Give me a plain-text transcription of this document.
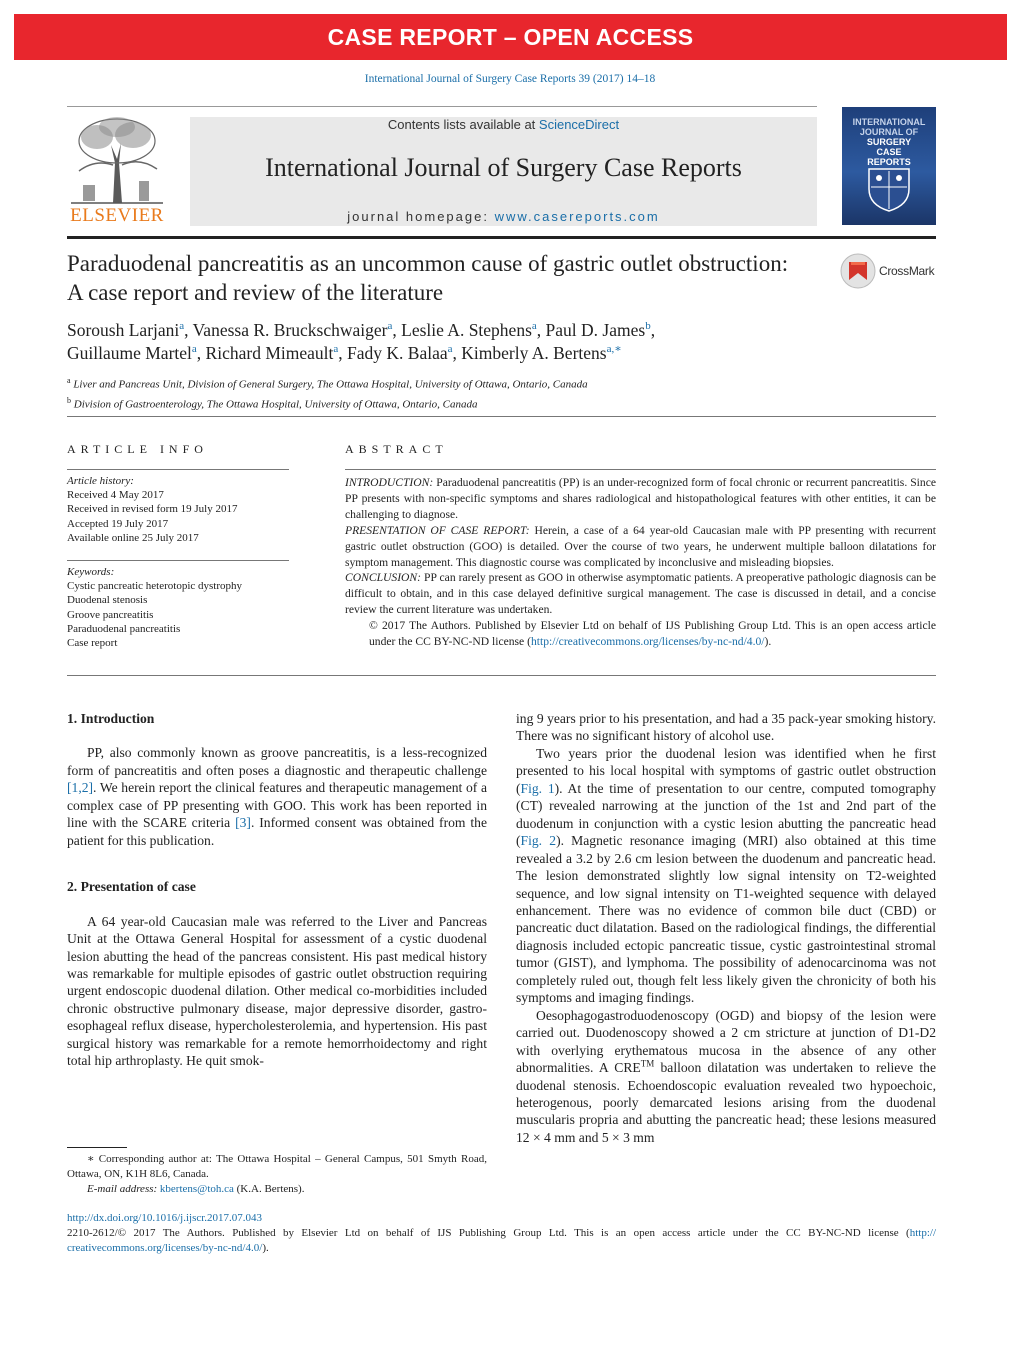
CASE REPORT – OPEN ACCESS
International Journal of Surgery Case Reports 39 (2017) 14–18
ELSEVIER
Contents lists available at ScienceDirect
International Journal of Surgery Case Reports
journal homepage: www.casereports.com
INTERNATIONAL
JOURNAL OF
SURGERY
CASE
REPORTS
Paraduodenal pancreatitis as an uncommon cause of gastric outlet obstruction: A case report and review of the literature
CrossMark
Soroush Larjani$^a$, Vanessa R. Bruckschwaiger$^a$, Leslie A. Stephens$^a$, Paul D. James$^b$,
Guillaume Martel$^a$, Richard Mimeault$^a$, Fady K. Balaa$^a$, Kimberly A. Bertens$^{a,∗}$
$^a$ Liver and Pancreas Unit, Division of General Surgery, The Ottawa Hospital, University of Ottawa, Ontario, Canada
$^b$ Division of Gastroenterology, The Ottawa Hospital, University of Ottawa, Ontario, Canada
ARTICLE INFO
Article history:
Received 4 May 2017
Received in revised form 19 July 2017
Accepted 19 July 2017
Available online 25 July 2017
Keywords:
Cystic pancreatic heterotopic dystrophy
Duodenal stenosis
Groove pancreatitis
Paraduodenal pancreatitis
Case report
ABSTRACT

INTRODUCTION: Paraduodenal pancreatitis (PP) is an under-recognized form of focal chronic or recurrent pancreatitis. Since PP presents with non-specific symptoms and shares radiological and histopathological features with other entities, it can be challenging to diagnose.

PRESENTATION OF CASE REPORT: Herein, a case of a 64 year-old Caucasian male with PP presenting with recurrent gastric outlet obstruction (GOO) is detailed. Over the course of two years, he underwent multiple balloon dilatations for symptom management. This diagnostic course was complicated by inconclusive and misleading biopsies.

CONCLUSION: PP can rarely present as GOO in otherwise asymptomatic patients. A preoperative pathologic diagnosis can be difficult to obtain, and in this case delayed definitive surgical management. The case is discussed in detail, and a concise review the current literature was undertaken.

© 2017 The Authors. Published by Elsevier Ltd on behalf of IJS Publishing Group Ltd. This is an open access article under the CC BY-NC-ND license (http://creativecommons.org/licenses/by-nc-nd/4.0/).

1. Introduction

PP, also commonly known as groove pancreatitis, is a less-recognized form of pancreatitis and often poses a diagnostic and therapeutic challenge [1,2]. We herein report the clinical features and therapeutic management of a complex case of PP presenting with GOO. This work has been reported in line with the SCARE criteria [3]. Informed consent was obtained from the patient for this publication.

2. Presentation of case

A 64 year-old Caucasian male was referred to the Liver and Pancreas Unit at the Ottawa General Hospital for assessment of a cystic duodenal lesion abutting the head of the pancreas consistent. His past medical history was remarkable for multiple episodes of gastric outlet obstruction requiring urgent endoscopic duodenal dilation. Other medical co-morbidities included chronic obstructive pulmonary disease, major depressive disorder, gastro-esophageal reflux disease, hypercholesterolemia, and hypertension. His past surgical history was remarkable for a remote hemorrhoidectomy and right total hip arthroplasty. He quit smok-

ing 9 years prior to his presentation, and had a 35 pack-year smoking history. There was no significant history of alcohol use.

Two years prior the duodenal lesion was identified when he first presented to his local hospital with symptoms of gastric outlet obstruction (Fig. 1). At the time of presentation to our centre, computed tomography (CT) revealed narrowing at the junction of the 1st and 2nd part of the duodenum in conjunction with a cystic lesion abutting the pancreatic head (Fig. 2). Magnetic resonance imaging (MRI) also obtained at this time revealed a 3.2 by 2.6 cm lesion between the duodenum and pancreatic head. The lesion demonstrated slightly low signal intensity on T2-weighted sequence, and low signal intensity on T1-weighted sequence with delayed enhancement. There was no evidence of common bile duct (CBD) or pancreatic duct dilatation. Based on the radiological findings, the differential diagnosis included ectopic pancreatic tissue, cystic gastrointestinal stromal tumor (GIST), and lymphoma. The possibility of adenocarcinoma was not completely ruled out, though felt less likely given the chronicity of both his symptoms and imaging findings.

Oesophagogastroduodenoscopy (OGD) and biopsy of the lesion were carried out. Duodenoscopy showed a 2 cm stricture at junction of D1-D2 with overlying erythematous mucosa in the absence of any other abnormalities. A CRE™ balloon dilatation was undertaken to relieve the duodenal stenosis. Echoendoscopic evaluation revealed two hypoechoic, heterogenous, poorly demarcated lesions arising from the duodenal muscularis propria and abutting the pancreatic head; these lesions measured 12 × 4 mm and 5 × 3 mm

∗ Corresponding author at: The Ottawa Hospital – General Campus, 501 Smyth Road, Ottawa, ON, K1H 8L6, Canada.
E-mail address: kbertens@toh.ca (K.A. Bertens).
http://dx.doi.org/10.1016/j.ijscr.2017.07.043
2210-2612/© 2017 The Authors. Published by Elsevier Ltd on behalf of IJS Publishing Group Ltd. This is an open access article under the CC BY-NC-ND license (http://
creativecommons.org/licenses/by-nc-nd/4.0/).
